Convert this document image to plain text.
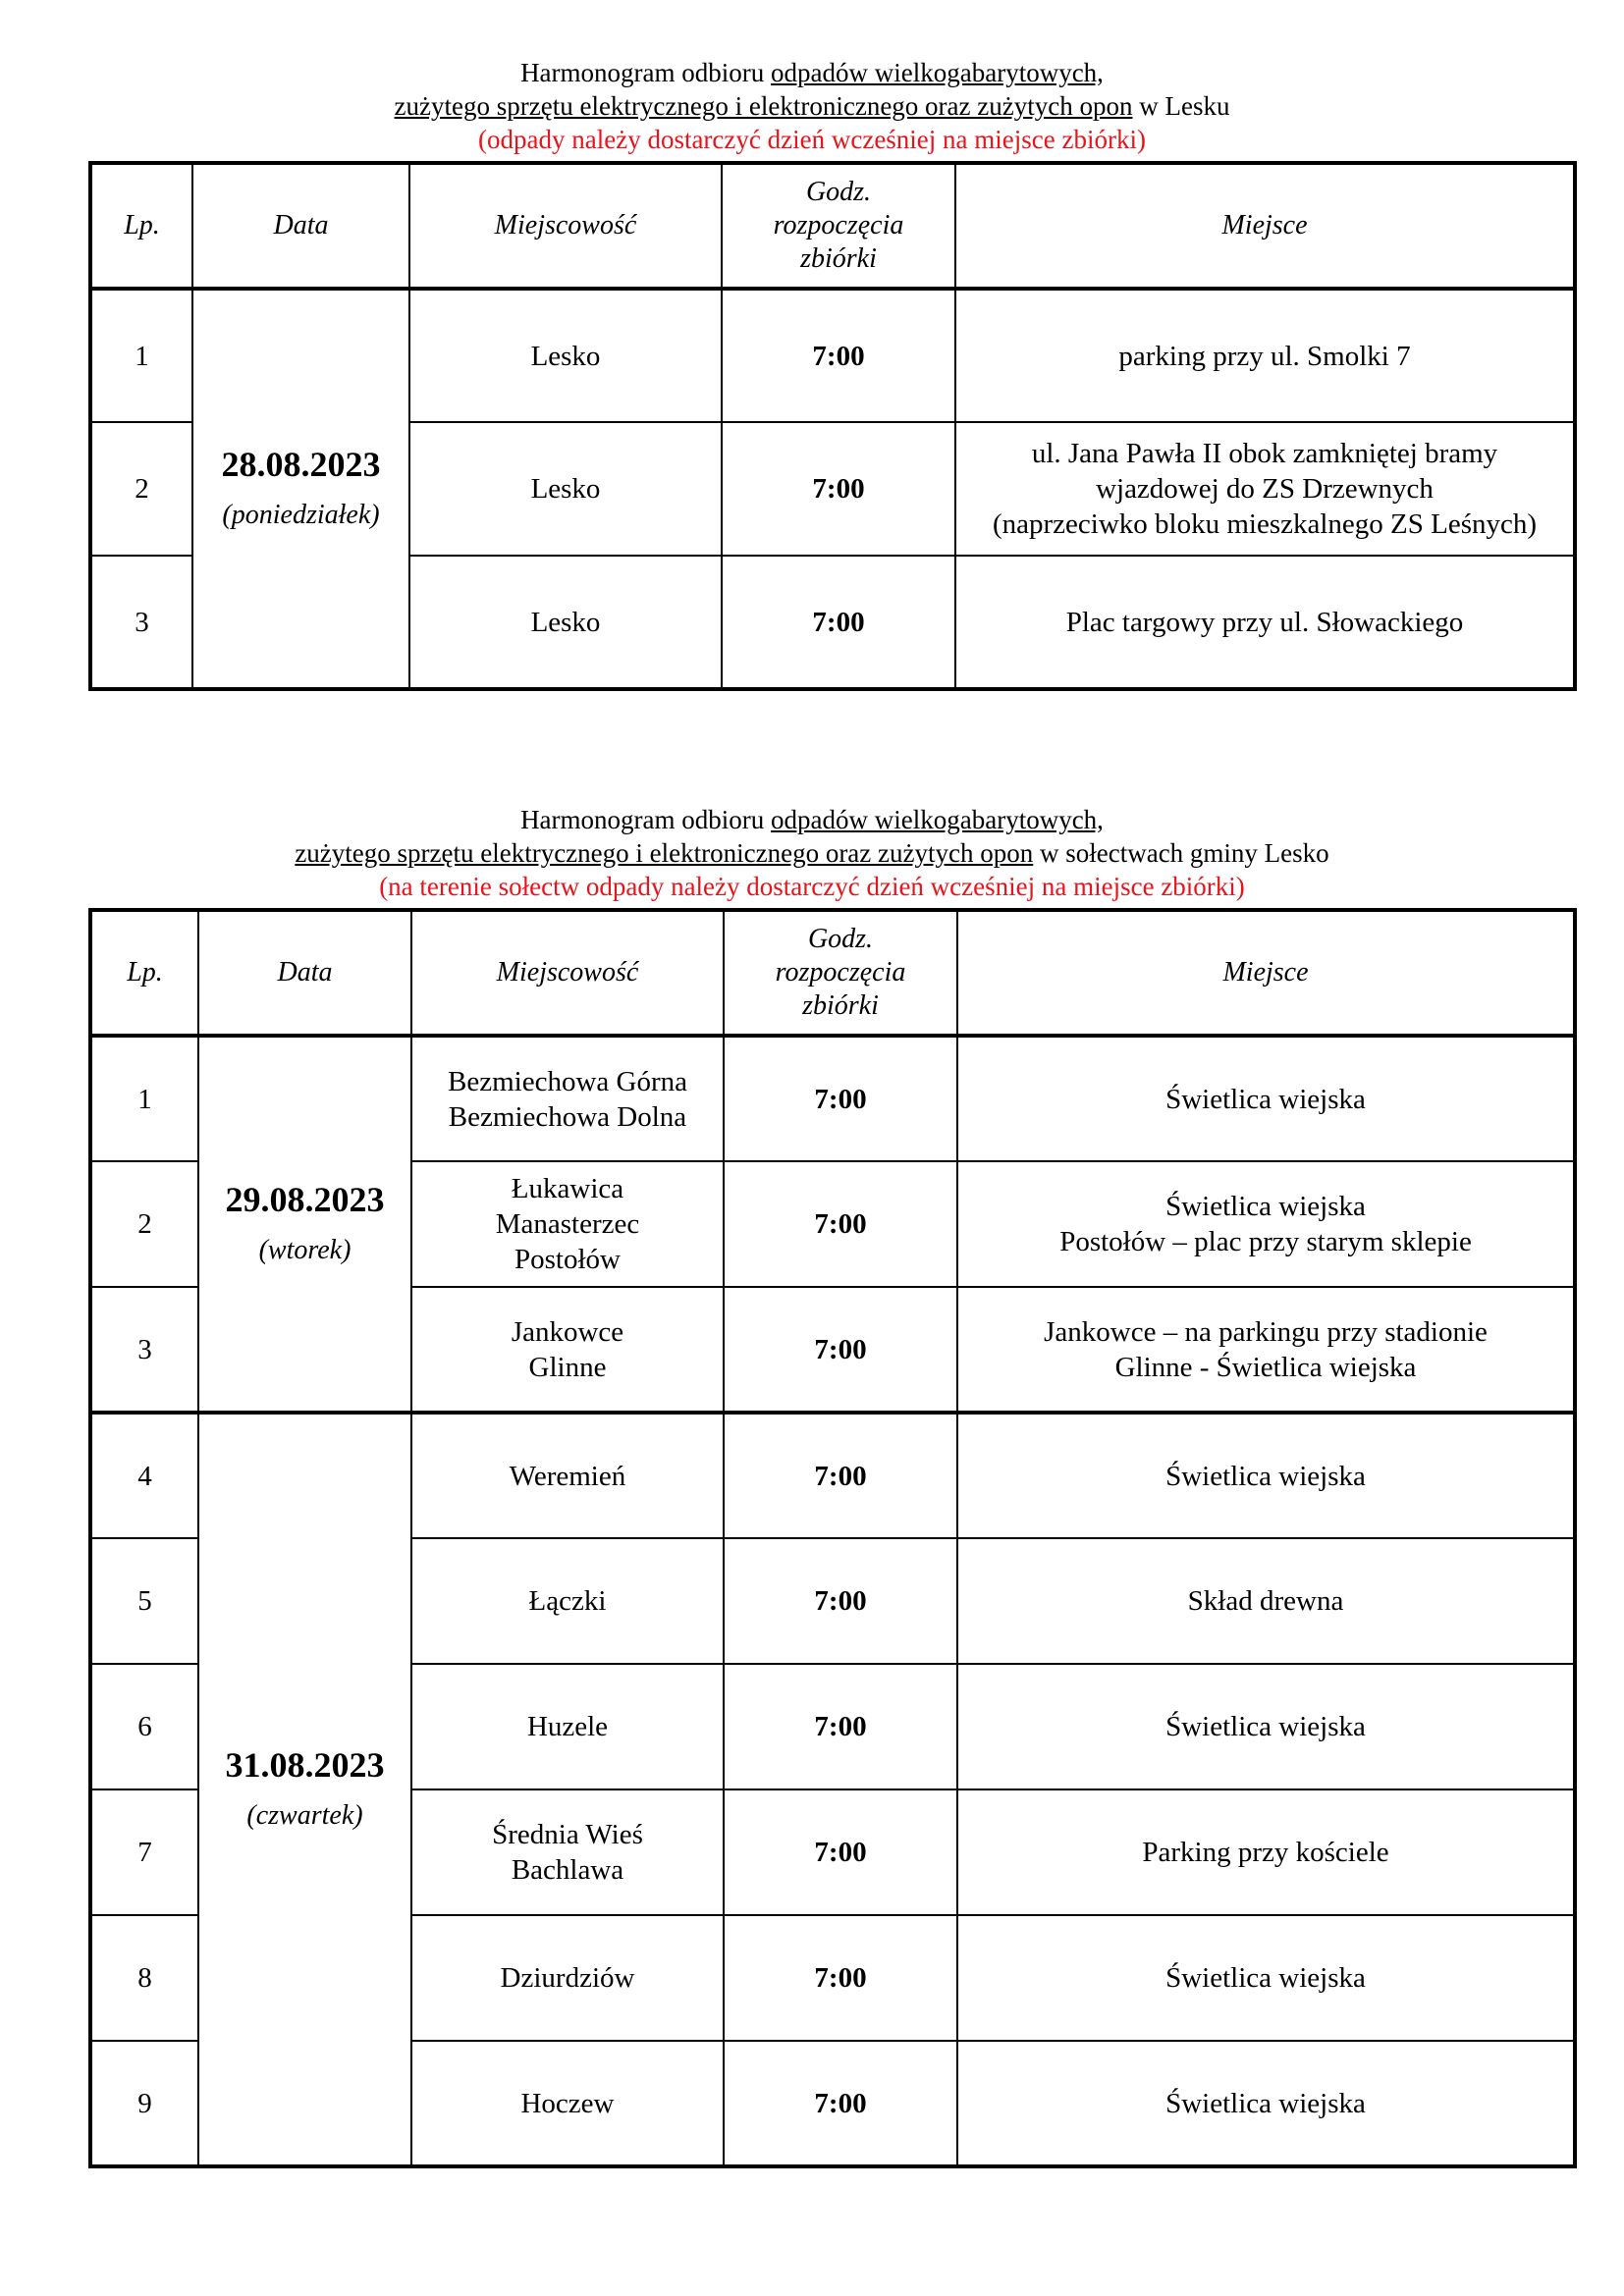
Harmonogram odbioru odpadów wielkogabarytowych,
zużytego sprzętu elektrycznego i elektronicznego oraz zużytych opon w Lesku
(odpady należy dostarczyć dzień wcześniej na miejsce zbiórki)
Lp.	Data	Miejscowość	Godz.
rozpoczęcia
zbiórki	Miejsce
1	28.08.2023
(poniedziałek)	Lesko	7:00	parking przy ul. Smolki 7
2		Lesko	7:00	ul. Jana Pawła II obok zamkniętej bramy
wjazdowej do ZS Drzewnych
(naprzeciwko bloku mieszkalnego ZS Leśnych)

3		Lesko	7:00	Plac targowy przy ul. Słowackiego
Harmonogram odbioru odpadów wielkogabarytowych,
zużytego sprzętu elektrycznego i elektronicznego oraz zużytych opon w sołectwach gminy Lesko
(na terenie sołectw odpady należy dostarczyć dzień wcześniej na miejsce zbiórki)
Lp.	Data	Miejscowość	Godz.
rozpoczęcia
zbiórki	Miejsce
1	29.08.2023
(wtorek)	Bezmiechowa Górna
Bezmiechowa Dolna	7:00	Świetlica wiejska
2		Łukawica
Manasterzec
Postołów	7:00	Świetlica wiejska
Postołów – plac przy starym sklepie

3		Jankowce
Glinne	7:00	Jankowce – na parkingu przy stadionie
Glinne - Świetlica wiejska

4	31.08.2023
(czwartek)	Weremień	7:00	Świetlica wiejska
5		Łączki	7:00	Skład drewna
6		Huzele	7:00	Świetlica wiejska
7		Średnia Wieś
Bachlawa	7:00	Parking przy kościele
8		Dziurdziów	7:00	Świetlica wiejska
9		Hoczew	7:00	Świetlica wiejska
